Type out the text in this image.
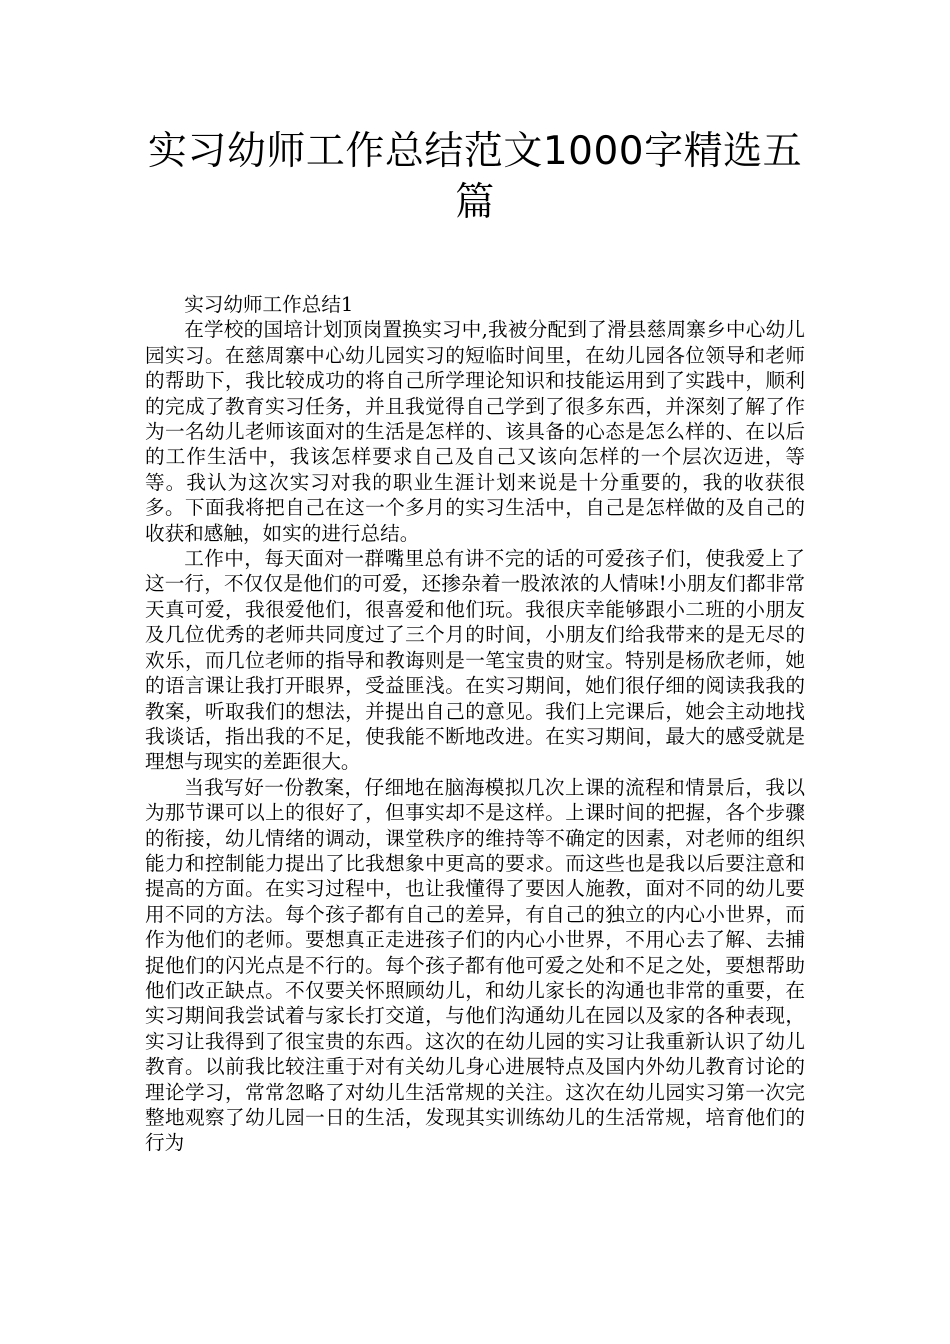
实习幼师工作总结范文1000字精选五篇

实习幼师工作总结1

在学校的国培计划顶岗置换实习中,我被分配到了滑县慈周寨乡中心幼儿园实习。在慈周寨中心幼儿园实习的短临时间里，在幼儿园各位领导和老师的帮助下，我比较成功的将自己所学理论知识和技能运用到了实践中，顺利的完成了教育实习任务，并且我觉得自己学到了很多东西，并深刻了解了作为一名幼儿老师该面对的生活是怎样的、该具备的心态是怎么样的、在以后的工作生活中，我该怎样要求自己及自己又该向怎样的一个层次迈进，等等。我认为这次实习对我的职业生涯计划来说是十分重要的，我的收获很多。下面我将把自己在这一个多月的实习生活中，自己是怎样做的及自己的收获和感触，如实的进行总结。

工作中，每天面对一群嘴里总有讲不完的话的可爱孩子们，使我爱上了这一行，不仅仅是他们的可爱，还掺杂着一股浓浓的人情味!小朋友们都非常天真可爱，我很爱他们，很喜爱和他们玩。我很庆幸能够跟小二班的小朋友及几位优秀的老师共同度过了三个月的时间，小朋友们给我带来的是无尽的欢乐，而几位老师的指导和教诲则是一笔宝贵的财宝。特别是杨欣老师，她的语言课让我打开眼界，受益匪浅。在实习期间，她们很仔细的阅读我我的教案，听取我们的想法，并提出自己的意见。我们上完课后，她会主动地找我谈话，指出我的不足，使我能不断地改进。在实习期间，最大的感受就是理想与现实的差距很大。

当我写好一份教案，仔细地在脑海模拟几次上课的流程和情景后，我以为那节课可以上的很好了，但事实却不是这样。上课时间的把握，各个步骤的衔接，幼儿情绪的调动，课堂秩序的维持等不确定的因素，对老师的组织能力和控制能力提出了比我想象中更高的要求。而这些也是我以后要注意和提高的方面。在实习过程中，也让我懂得了要因人施教，面对不同的幼儿要用不同的方法。每个孩子都有自己的差异，有自己的独立的内心小世界，而作为他们的老师。要想真正走进孩子们的内心小世界，不用心去了解、去捕捉他们的闪光点是不行的。每个孩子都有他可爱之处和不足之处，要想帮助他们改正缺点。不仅要关怀照顾幼儿，和幼儿家长的沟通也非常的重要，在实习期间我尝试着与家长打交道，与他们沟通幼儿在园以及家的各种表现，实习让我得到了很宝贵的东西。这次的在幼儿园的实习让我重新认识了幼儿教育。以前我比较注重于对有关幼儿身心进展特点及国内外幼儿教育讨论的理论学习，常常忽略了对幼儿生活常规的关注。这次在幼儿园实习第一次完整地观察了幼儿园一日的生活，发现其实训练幼儿的生活常规，培育他们的行为
